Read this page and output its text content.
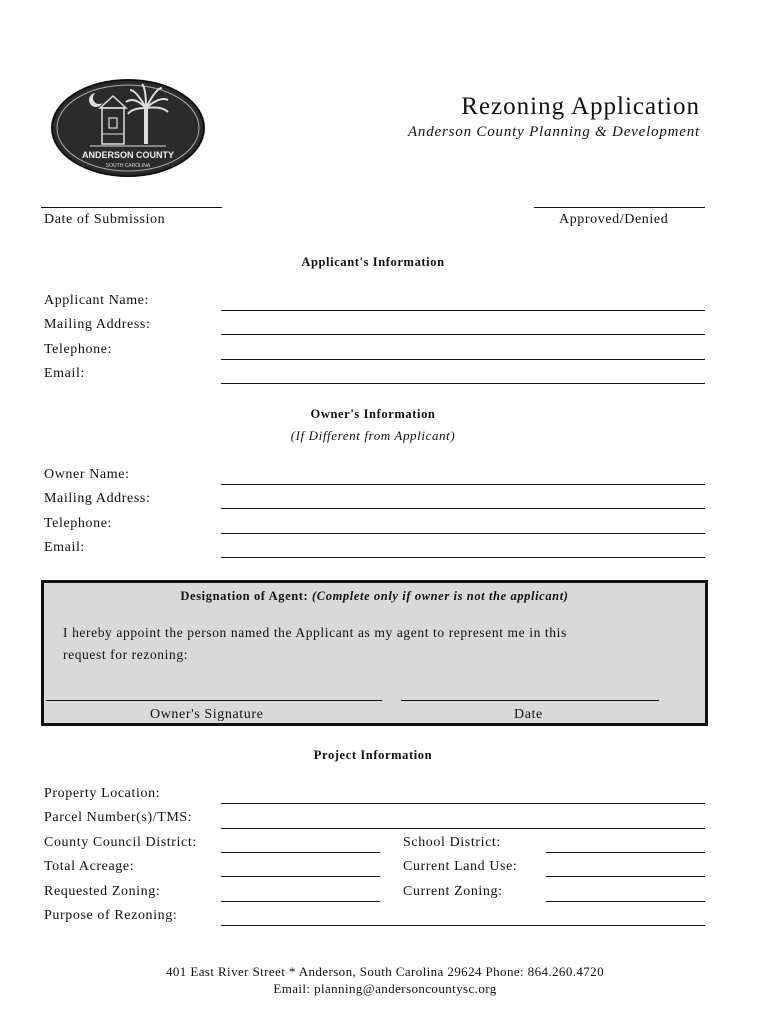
ANDERSON COUNTY
SOUTH CAROLINA
Rezoning Application
Anderson County Planning & Development
Date of Submission	Approved/Denied
Applicant's Information
Applicant Name:
Mailing Address:
Telephone:
Email:
Owner's Information
(If Different from Applicant)
Owner Name:
Mailing Address:
Telephone:
Email:
Designation of Agent: (Complete only if owner is not the applicant)
I hereby appoint the person named the Applicant as my agent to represent me in this
request for rezoning:
Owner's Signature	Date
Project Information
Property Location:
Parcel Number(s)/TMS:
County Council District:	School District:
Total Acreage:	Current Land Use:
Requested Zoning:	Current Zoning:
Purpose of Rezoning:
401 East River Street * Anderson, South Carolina 29624 Phone: 864.260.4720
Email: planning@andersoncountysc.org
